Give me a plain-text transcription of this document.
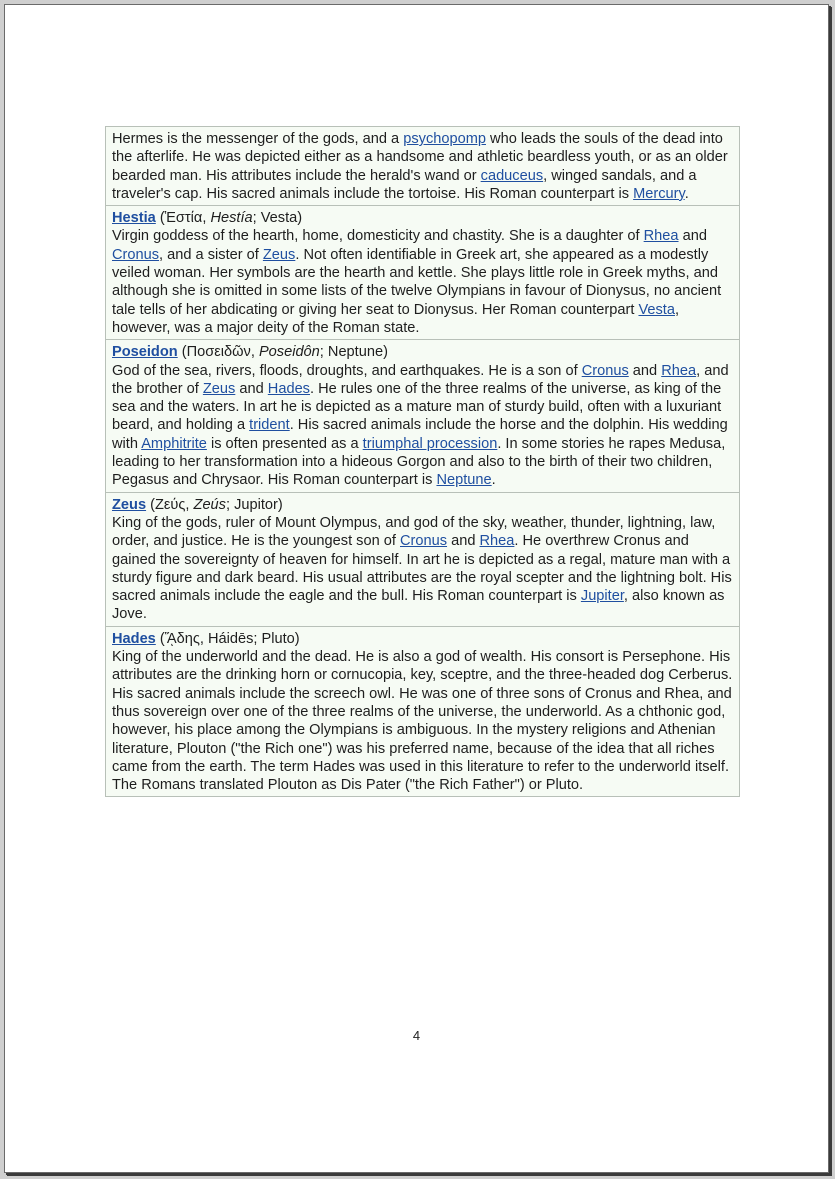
Hermes is the messenger of the gods, and a psychopomp who leads the souls of the dead into the afterlife. He was depicted either as a handsome and athletic beardless youth, or as an older bearded man. His attributes include the herald's wand or caduceus, winged sandals, and a traveler's cap. His sacred animals include the tortoise. His Roman counterpart is Mercury.
Hestia (Ἑστία, Hestía; Vesta)
Virgin goddess of the hearth, home, domesticity and chastity. She is a daughter of Rhea and Cronus, and a sister of Zeus. Not often identifiable in Greek art, she appeared as a modestly veiled woman. Her symbols are the hearth and kettle. She plays little role in Greek myths, and although she is omitted in some lists of the twelve Olympians in favour of Dionysus, no ancient tale tells of her abdicating or giving her seat to Dionysus. Her Roman counterpart Vesta, however, was a major deity of the Roman state.
Poseidon (Ποσειδῶν, Poseidôn; Neptune)
God of the sea, rivers, floods, droughts, and earthquakes. He is a son of Cronus and Rhea, and the brother of Zeus and Hades. He rules one of the three realms of the universe, as king of the sea and the waters. In art he is depicted as a mature man of sturdy build, often with a luxuriant beard, and holding a trident. His sacred animals include the horse and the dolphin. His wedding with Amphitrite is often presented as a triumphal procession. In some stories he rapes Medusa, leading to her transformation into a hideous Gorgon and also to the birth of their two children, Pegasus and Chrysaor. His Roman counterpart is Neptune.
Zeus (Ζεύς, Zeús; Jupitor)
King of the gods, ruler of Mount Olympus, and god of the sky, weather, thunder, lightning, law, order, and justice. He is the youngest son of Cronus and Rhea. He overthrew Cronus and gained the sovereignty of heaven for himself. In art he is depicted as a regal, mature man with a sturdy figure and dark beard. His usual attributes are the royal scepter and the lightning bolt. His sacred animals include the eagle and the bull. His Roman counterpart is Jupiter, also known as Jove.
Hades (ᾍδης, Háidēs; Pluto)
King of the underworld and the dead. He is also a god of wealth. His consort is Persephone. His attributes are the drinking horn or cornucopia, key, sceptre, and the three-headed dog Cerberus. His sacred animals include the screech owl. He was one of three sons of Cronus and Rhea, and thus sovereign over one of the three realms of the universe, the underworld. As a chthonic god, however, his place among the Olympians is ambiguous. In the mystery religions and Athenian literature, Plouton ("the Rich one") was his preferred name, because of the idea that all riches came from the earth. The term Hades was used in this literature to refer to the underworld itself. The Romans translated Plouton as Dis Pater ("the Rich Father") or Pluto.
4
